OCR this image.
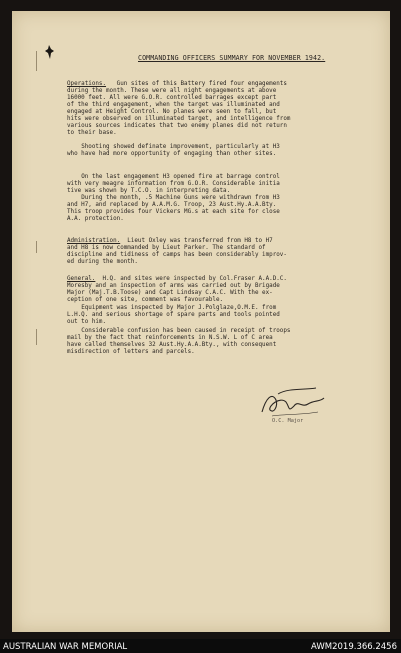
COMMANDING OFFICERS SUMMARY FOR NOVEMBER 1942.
Operations. Gun sites of this Battery fired four engagements
during the month. These were all night engagements at above
16000 feet. All were G.O.R. controlled barrages except part
of the third engagement, when the target was illuminated and
engaged at Height Control. No planes were seen to fall, but
hits were observed on illuminated target, and intelligence from
various sources indicates that two enemy planes did not return
to their base.
Shooting showed definate improvement, particularly at H3
who have had more opportunity of engaging than other sites.
On the last engagement H3 opened fire at barrage control
with very meagre information from G.O.R. Considerable initia
tive was shown by T.C.O. in interpreting data.
During the month, .5 Machine Guns were withdrawn from H3
and H7, and replaced by A.A.M.G. Troop, 23 Aust.Hy.A.A.Bty.
This troop provides four Vickers MG.s at each site for close
A.A. protection.
Administration. Lieut Oxley was transferred from H8 to H7
and H8 is now commanded by Lieut Parker. The standard of
discipline and tidiness of camps has been considerably improv-
ed during the month.
General. H.Q. and sites were inspected by Col.Fraser A.A.D.C.
Moresby and an inspection of arms was carried out by Brigade
Major (Maj.T.B.Toose) and Capt Lindsay C.A.C. With the ex-
ception of one site, comment was favourable.
Equipment was inspected by Major J.Polglaze,O.M.E. from
L.H.Q. and serious shortage of spare parts and tools pointed
out to him.
Considerable confusion has been caused in receipt of troops
mail by the fact that reinforcements in N.S.W. L of C area
have called themselves 32 Aust.Hy.A.A.Bty., with consequent
misdirection of letters and parcels.
O.C. Major
AUSTRALIAN WAR MEMORIAL	AWM2019.366.2456
